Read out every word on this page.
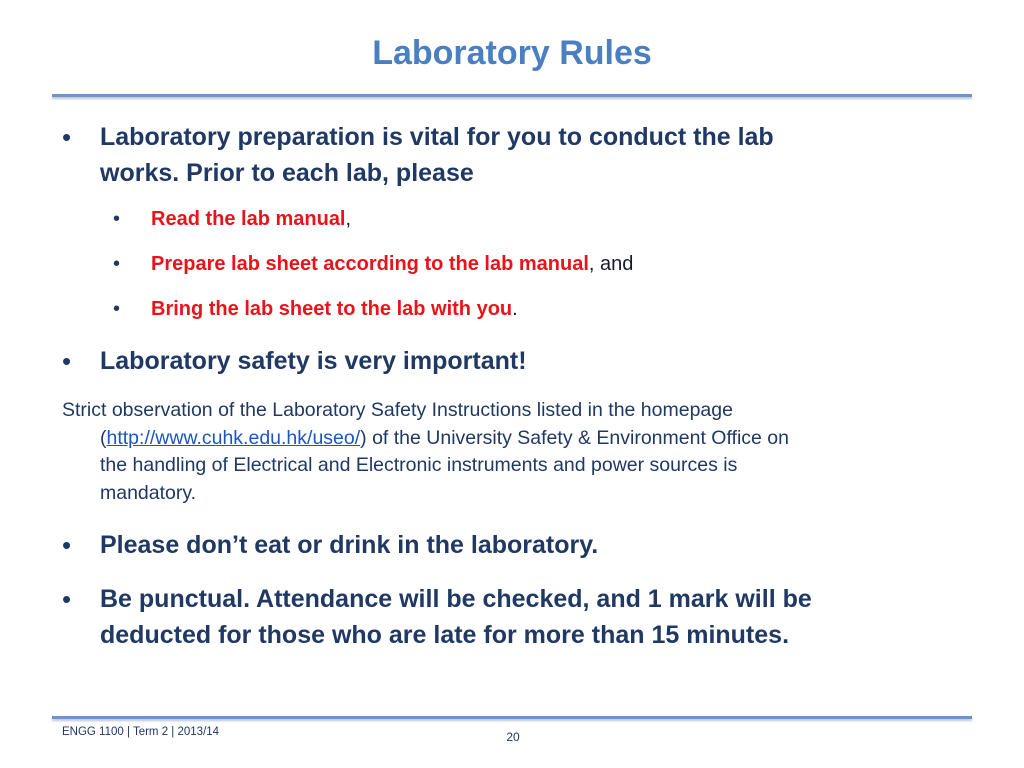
Laboratory Rules
• Laboratory preparation is vital for you to conduct the lab
works. Prior to each lab, please
• Read the lab manual,
• Prepare lab sheet according to the lab manual, and
• Bring the lab sheet to the lab with you.
• Laboratory safety is very important!

Strict observation of the Laboratory Safety Instructions listed in the homepage
(http://www.cuhk.edu.hk/useo/) of the University Safety & Environment Office on
the handling of Electrical and Electronic instruments and power sources is
mandatory.

• Please don’t eat or drink in the laboratory.
• Be punctual. Attendance will be checked, and 1 mark will be
deducted for those who are late for more than 15 minutes.
ENGG 1100 | Term 2 | 2013/14	20
